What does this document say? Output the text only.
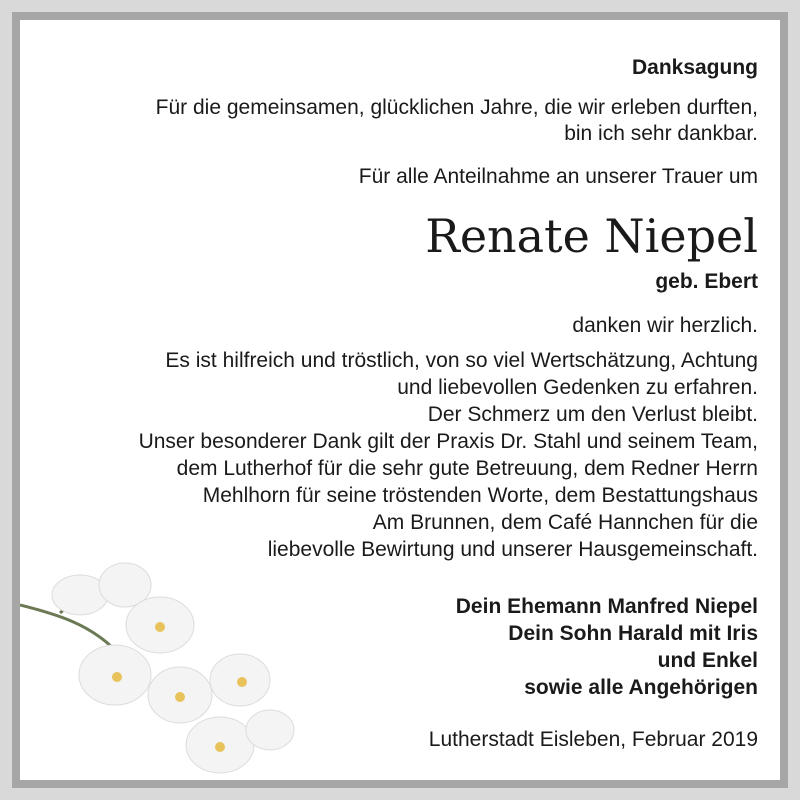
Danksagung
Für die gemeinsamen, glücklichen Jahre, die wir erleben durften,
bin ich sehr dankbar.
Für alle Anteilnahme an unserer Trauer um
Renate Niepel
geb. Ebert
danken wir herzlich.
Es ist hilfreich und tröstlich, von so viel Wertschätzung, Achtung
und liebevollen Gedenken zu erfahren.
Der Schmerz um den Verlust bleibt.
Unser besonderer Dank gilt der Praxis Dr. Stahl und seinem Team,
dem Lutherhof für die sehr gute Betreuung, dem Redner Herrn
Mehlhorn für seine tröstenden Worte, dem Bestattungshaus
Am Brunnen, dem Café Hannchen für die
liebevolle Bewirtung und unserer Hausgemeinschaft.
Dein Ehemann Manfred Niepel
Dein Sohn Harald mit Iris
und Enkel
sowie alle Angehörigen
Lutherstadt Eisleben, Februar 2019
